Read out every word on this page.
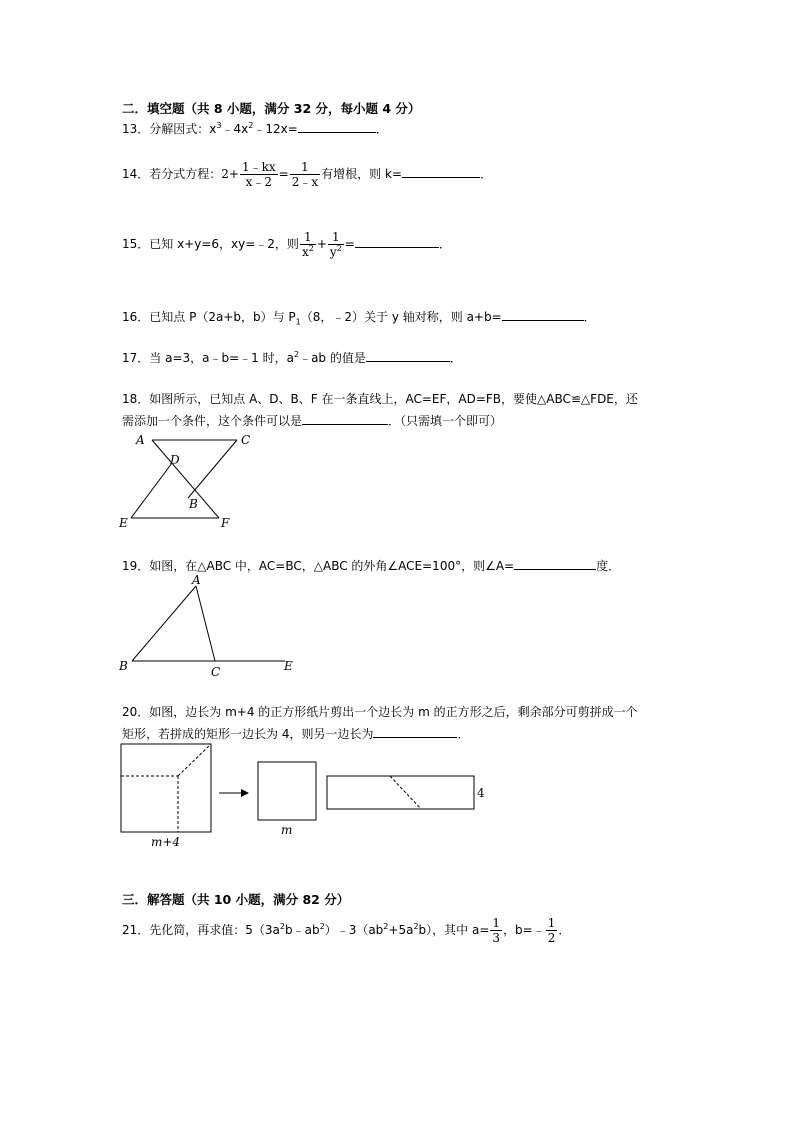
二．填空题（共 8 小题，满分 32 分，每小题 4 分）
13．分解因式：$x^3﹣4x^2﹣12x=$	．
14．若分式方程：$2+ \frac{1﹣kx}{x﹣2} = \frac{1}{2﹣x}$ 有增根，则 k=	．
15．已知 x+y=6，xy=﹣2，则 $\frac{1}{x^2} + \frac{1}{y^2}$ =	．
16．已知点 P（2a+b，b）与 $P_1(8$，﹣2）关于 y 轴对称，则 a+b=	．
17．当 a=3，a﹣b=﹣1 时，$a^2﹣ab$ 的值是	．
18．如图所示，已知点 A、D、B、F 在一条直线上，AC=EF，AD=FB，要使△ABC≌△FDE，还
需添加一个条件，这个条件可以是	．（只需填一个即可）
A	C
D
B
E	F
19．如图，在△ABC 中，AC=BC，△ABC 的外角∠ACE=100°，则∠A=	度．
A
B	C	E
20．如图，边长为 m+4 的正方形纸片剪出一个边长为 m 的正方形之后，剩余部分可剪拼成一个
矩形，若拼成的矩形一边长为 4，则另一边长为	．
m+4
m
4
三．解答题（共 10 小题，满分 82 分）
21．先化简，再求值：$5(3a^2b﹣ab^2)﹣3(ab^2+5a^2b)$，其中 $a= \frac{1}{3}$ ，b=﹣ $\frac{1}{2}$ ．
